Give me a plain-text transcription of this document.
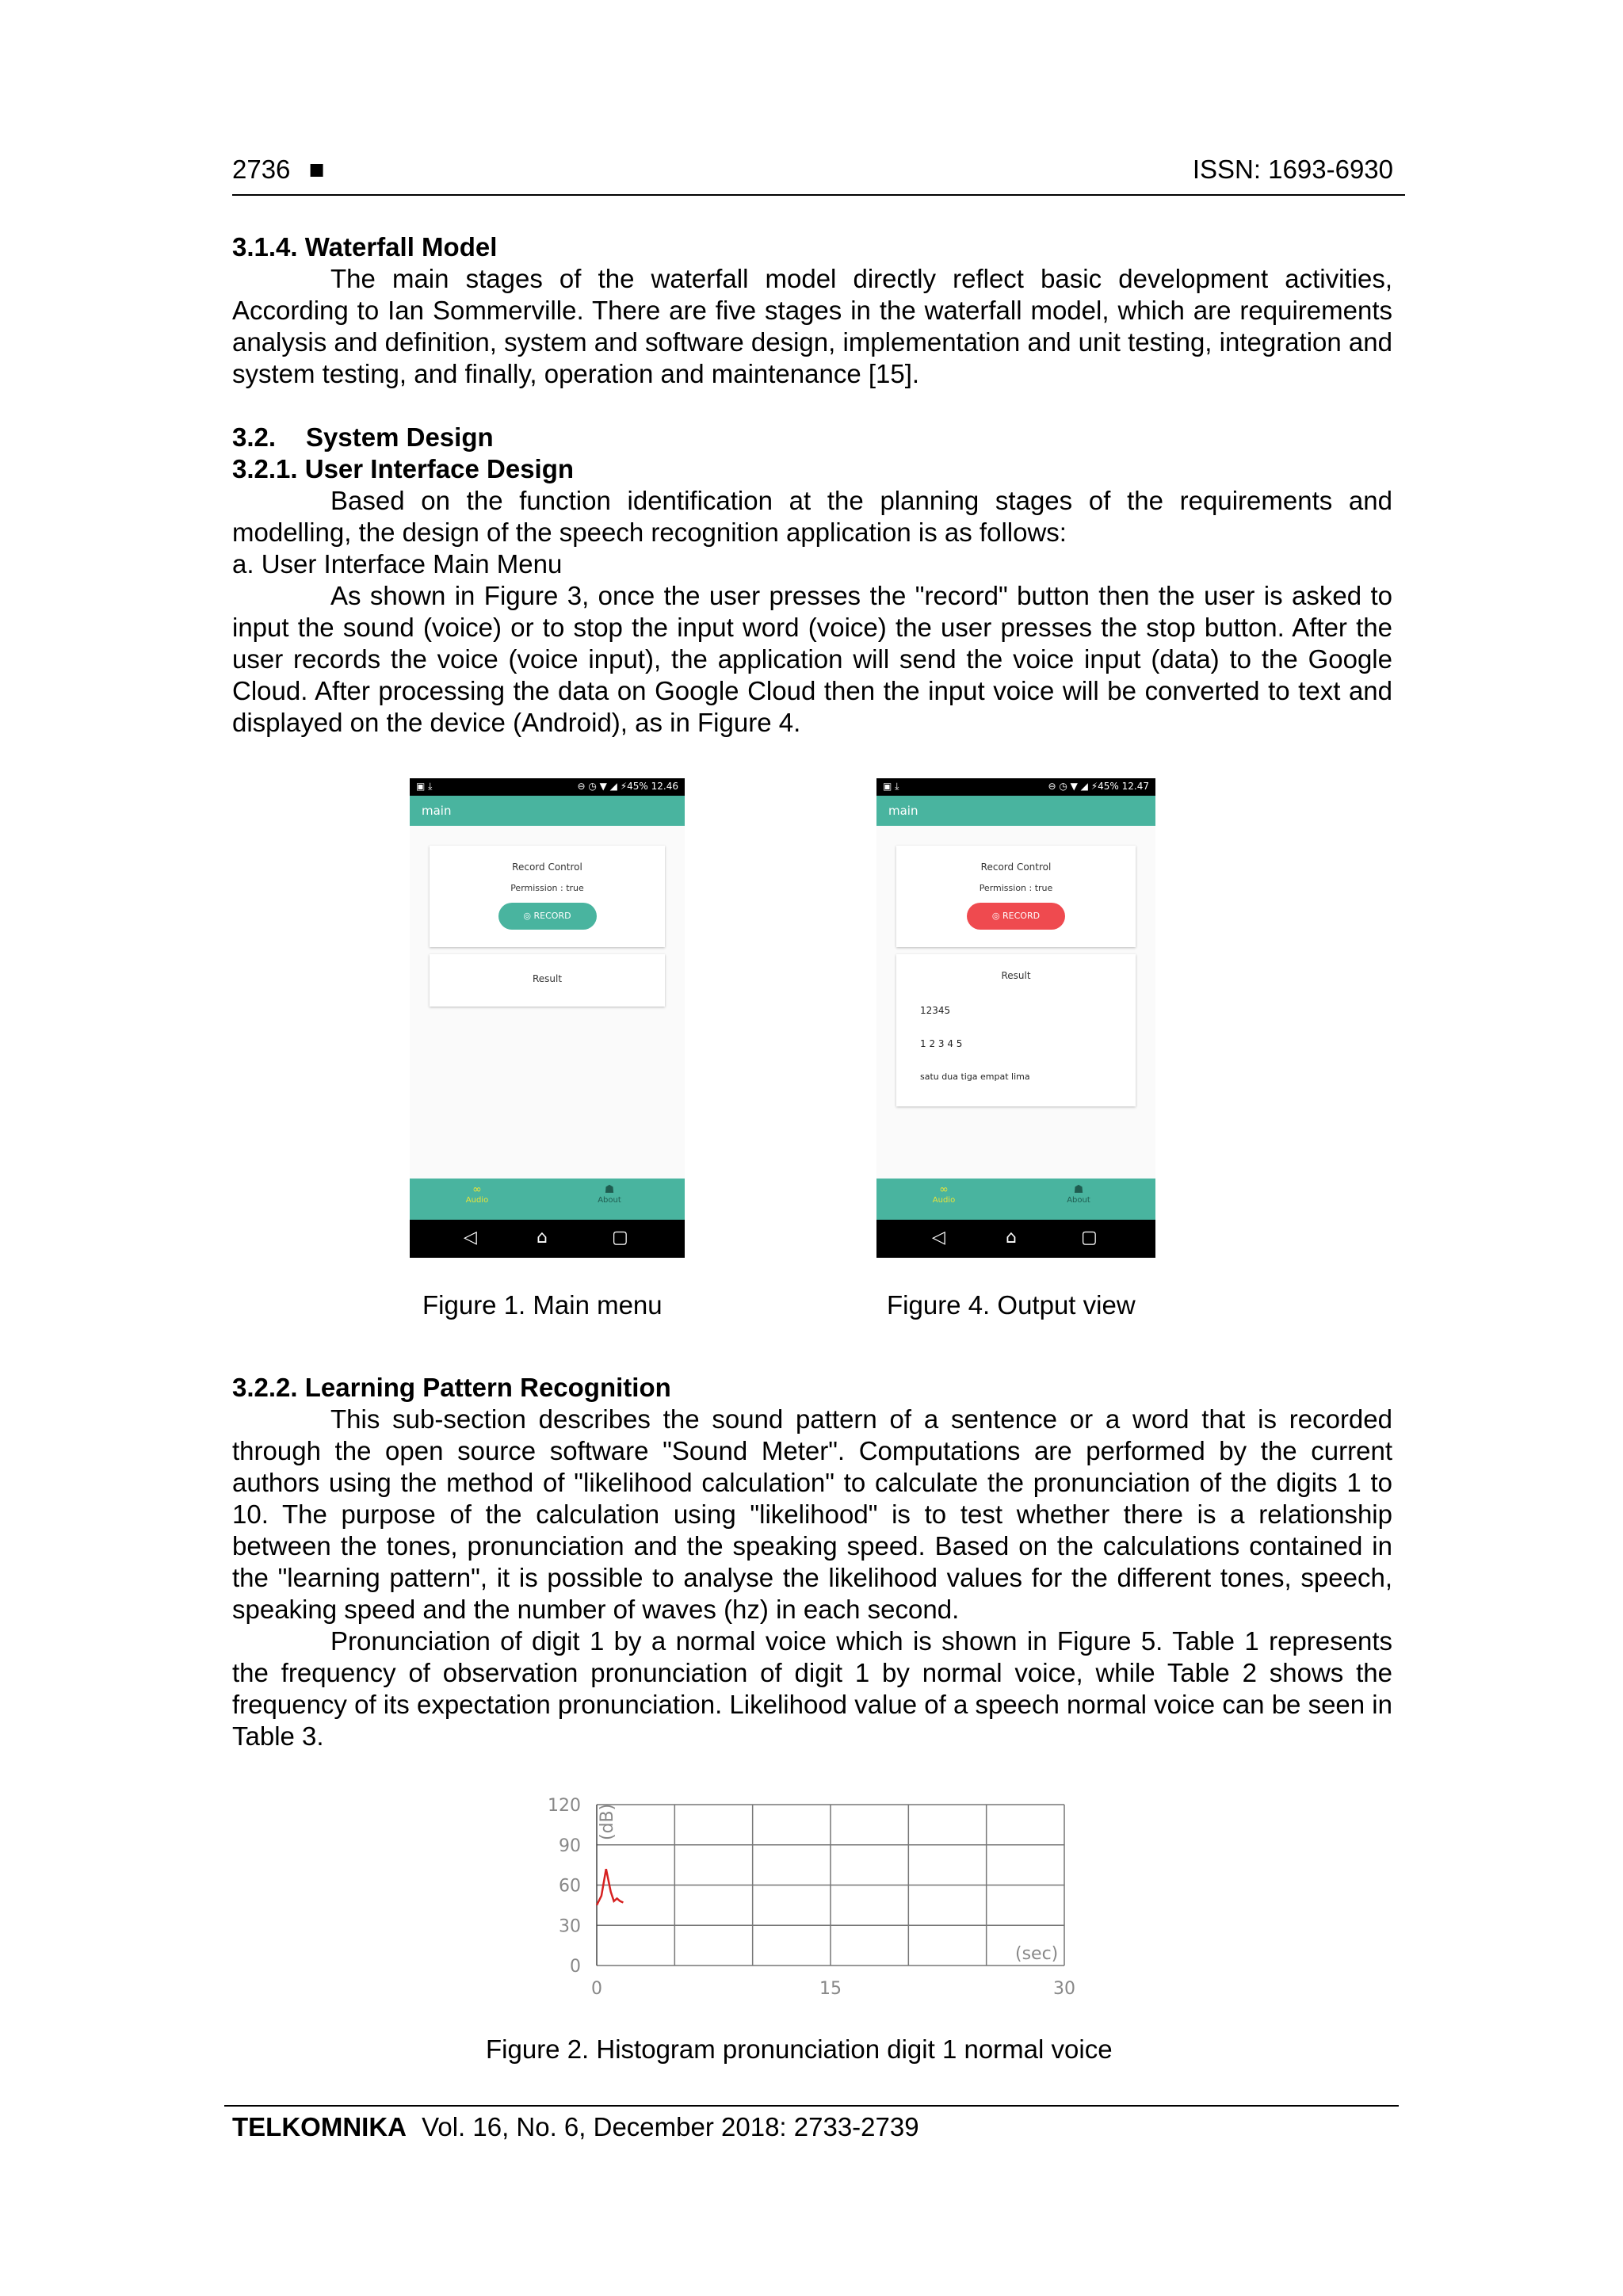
2736 ■	ISSN: 1693-6930

3.1.4. Waterfall Model

The main stages of the waterfall model directly reflect basic development activities, According to Ian Sommerville. There are five stages in the waterfall model, which are requirements analysis and definition, system and software design, implementation and unit testing, integration and system testing, and finally, operation and maintenance [15].

3.2. System Design

3.2.1. User Interface Design

Based on the function identification at the planning stages of the requirements and modelling, the design of the speech recognition application is as follows:

a. User Interface Main Menu

As shown in Figure 3, once the user presses the "record" button then the user is asked to input the sound (voice) or to stop the input word (voice) the user presses the stop button. After the user records the voice (voice input), the application will send the voice input (data) to the Google Cloud. After processing the data on Google Cloud then the input voice will be converted to text and displayed on the device (Android), as in Figure 4.

▣ ⤓	⊖ ◷ ▼ ◢ ⚡45% 12.46
main
Record Control
Permission : true
◎ RECORD
Result
∞
Audio
☗
About
◁	⌂	▢
▣ ⤓	⊖ ◷ ▼ ◢ ⚡45% 12.47
main
Record Control
Permission : true
◎ RECORD
Result
12345
1 2 3 4 5
satu dua tiga empat lima
∞
Audio
☗
About
◁	⌂	▢
Figure 1. Main menu	Figure 4. Output view

3.2.2. Learning Pattern Recognition

This sub-section describes the sound pattern of a sentence or a word that is recorded through the open source software "Sound Meter". Computations are performed by the current authors using the method of "likelihood calculation" to calculate the pronunciation of the digits 1 to 10. The purpose of the calculation using "likelihood" is to test whether there is a relationship between the tones, pronunciation and the speaking speed. Based on the calculations contained in the "learning pattern", it is possible to analyse the likelihood values for the different tones, speech, speaking speed and the number of waves (hz) in each second.

Pronunciation of digit 1 by a normal voice which is shown in Figure 5. Table 1 represents the frequency of observation pronunciation of digit 1 by normal voice, while Table 2 shows the frequency of its expectation pronunciation. Likelihood value of a speech normal voice can be seen in Table 3.

0
30
60
90
120
0	15	30
(dB)
(sec)
Figure 2. Histogram pronunciation digit 1 normal voice
TELKOMNIKA Vol. 16, No. 6, December 2018: 2733-2739
